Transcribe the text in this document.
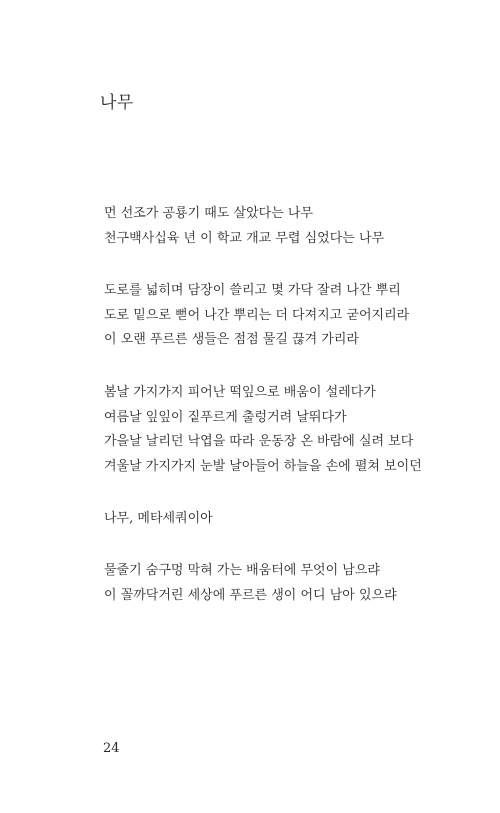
나무
먼 선조가 공룡기 때도 살았다는 나무
천구백사십육 년 이 학교 개교 무렵 심었다는 나무
도로를 넓히며 담장이 쓸리고 몇 가닥 잘려 나간 뿌리
도로 밑으로 뻗어 나간 뿌리는 더 다져지고 굳어지리라
이 오랜 푸르른 생들은 점점 물길 끊겨 가리라
봄날 가지가지 피어난 떡잎으로 배움이 설레다가
여름날 잎잎이 짙푸르게 출렁거려 날뛰다가
가을날 날리던 낙엽을 따라 운동장 온 바람에 실려 보다
겨울날 가지가지 눈발 날아들어 하늘을 손에 펼쳐 보이던
나무, 메타세쿼이아
물줄기 숨구멍 막혀 가는 배움터에 무엇이 남으랴
이 꼴까닥거린 세상에 푸르른 생이 어디 남아 있으랴
24
